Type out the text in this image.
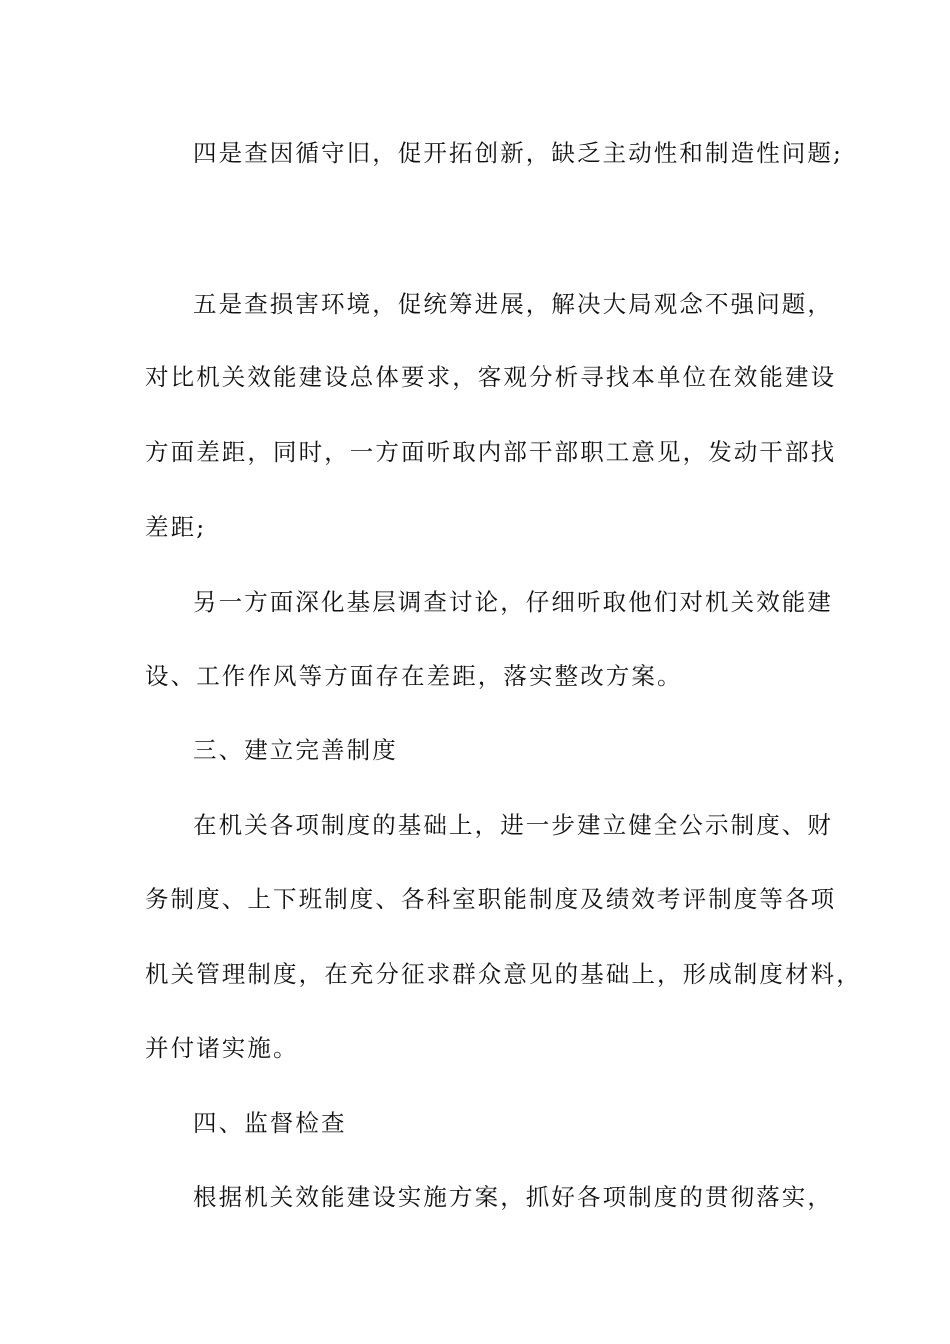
四是查因循守旧，促开拓创新，缺乏主动性和制造性问题;
五是查损害环境，促统筹进展，解决大局观念不强问题，
对比机关效能建设总体要求，客观分析寻找本单位在效能建设
方面差距，同时，一方面听取内部干部职工意见，发动干部找
差距;
另一方面深化基层调查讨论，仔细听取他们对机关效能建
设、工作作风等方面存在差距，落实整改方案。
三、建立完善制度
在机关各项制度的基础上，进一步建立健全公示制度、财
务制度、上下班制度、各科室职能制度及绩效考评制度等各项
机关管理制度，在充分征求群众意见的基础上，形成制度材料，
并付诸实施。
四、监督检查
根据机关效能建设实施方案，抓好各项制度的贯彻落实，
